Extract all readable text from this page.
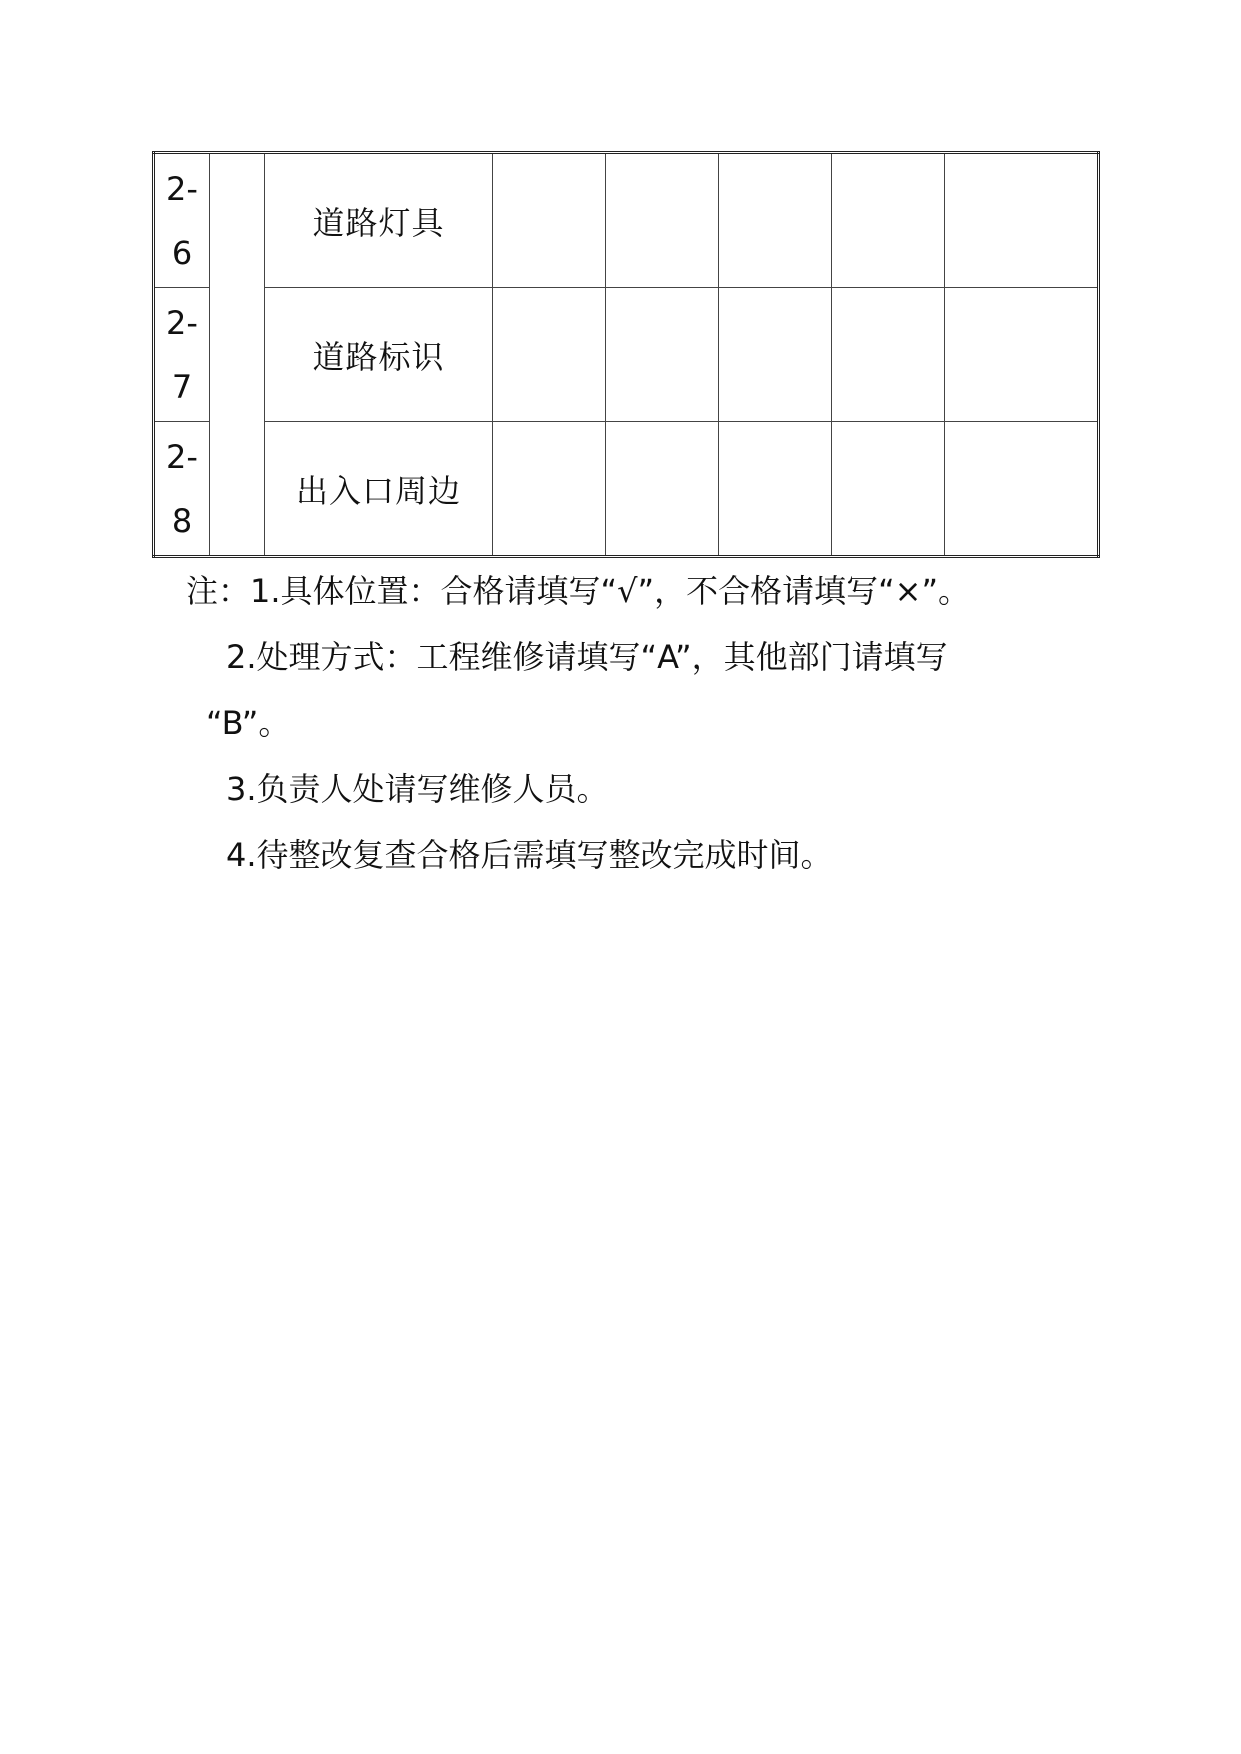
2-
6		道路灯具					

2-
7		道路标识					

2-
8		出入口周边					
注：1.具体位置：合格请填写“√”，不合格请填写“×”。
2.处理方式：工程维修请填写“A”，其他部门请填写
“B”。
3.负责人处请写维修人员。
4.待整改复查合格后需填写整改完成时间。
